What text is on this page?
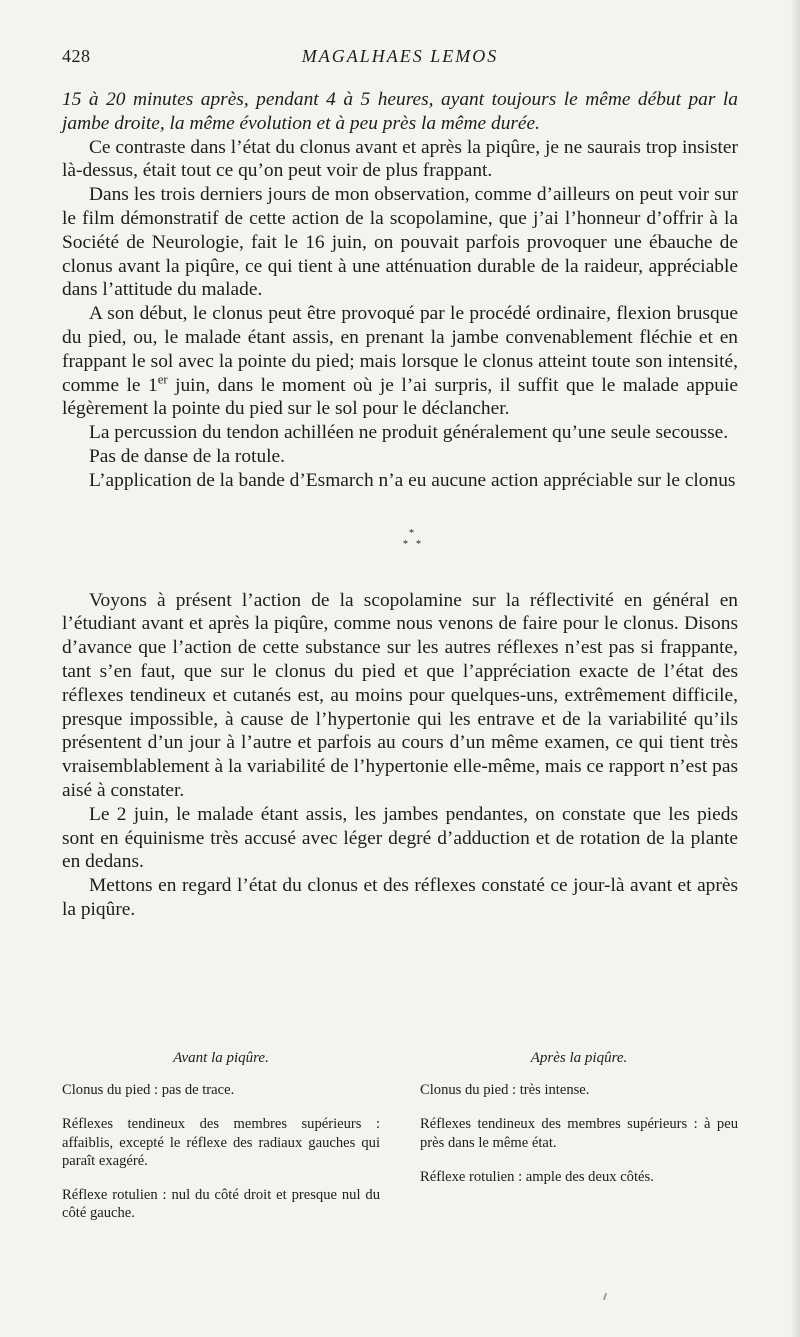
428	MAGALHAES LEMOS

15 à 20 minutes après, pendant 4 à 5 heures, ayant toujours le même début par la jambe droite, la même évolution et à peu près la même durée.

Ce contraste dans l’état du clonus avant et après la piqûre, je ne saurais trop insister là-dessus, était tout ce qu’on peut voir de plus frappant.

Dans les trois derniers jours de mon observation, comme d’ailleurs on peut voir sur le film démonstratif de cette action de la scopolamine, que j’ai l’honneur d’offrir à la Société de Neurologie, fait le 16 juin, on pouvait parfois provoquer une ébauche de clonus avant la piqûre, ce qui tient à une atténuation durable de la raideur, appréciable dans l’attitude du malade.

A son début, le clonus peut être provoqué par le procédé ordinaire, flexion brusque du pied, ou, le malade étant assis, en prenant la jambe convenablement fléchie et en frappant le sol avec la pointe du pied; mais lorsque le clonus atteint toute son intensité, comme le 1er juin, dans le moment où je l’ai surpris, il suffit que le malade appuie légèrement la pointe du pied sur le sol pour le déclancher.

La percussion du tendon achilléen ne produit généralement qu’une seule secousse.

Pas de danse de la rotule.

L’application de la bande d’Esmarch n’a eu aucune action appréciable sur le clonus

*
* *

Voyons à présent l’action de la scopolamine sur la réflectivité en général en l’étudiant avant et après la piqûre, comme nous venons de faire pour le clonus. Disons d’avance que l’action de cette substance sur les autres réflexes n’est pas si frappante, tant s’en faut, que sur le clonus du pied et que l’appréciation exacte de l’état des réflexes tendineux et cutanés est, au moins pour quelques-uns, extrêmement difficile, presque impossible, à cause de l’hypertonie qui les entrave et de la variabilité qu’ils présentent d’un jour à l’autre et parfois au cours d’un même examen, ce qui tient très vraisemblablement à la variabilité de l’hypertonie elle-même, mais ce rapport n’est pas aisé à constater.

Le 2 juin, le malade étant assis, les jambes pendantes, on constate que les pieds sont en équinisme très accusé avec léger degré d’adduction et de rotation de la plante en dedans.

Mettons en regard l’état du clonus et des réflexes constaté ce jour-là avant et après la piqûre.

Avant la piqûre.

Clonus du pied : pas de trace.

Réflexes tendineux des membres supérieurs : affaiblis, excepté le réflexe des radiaux gauches qui paraît exagéré.

Réflexe rotulien : nul du côté droit et presque nul du côté gauche.

Après la piqûre.

Clonus du pied : très intense.

Réflexes tendineux des membres supérieurs : à peu près dans le même état.

Réflexe rotulien : ample des deux côtés.
